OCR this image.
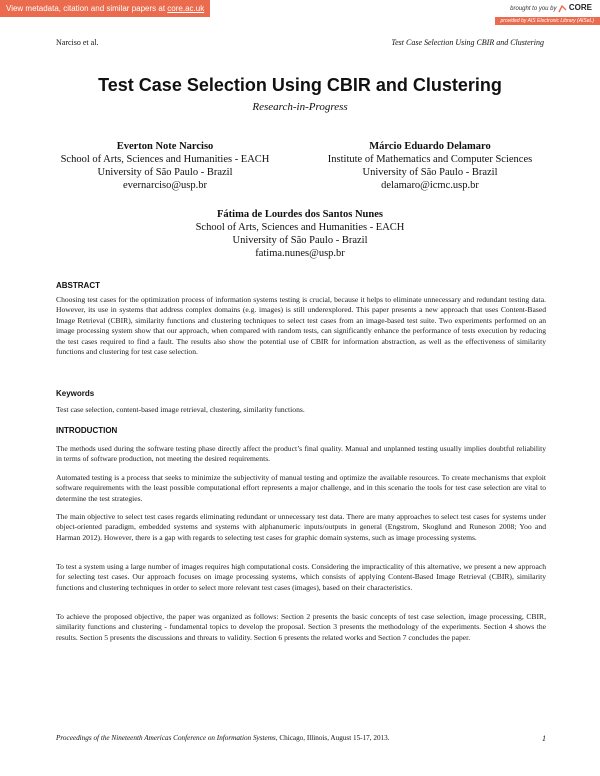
View metadata, citation and similar papers at core.ac.uk	brought to you by CORE
provided by AIS Electronic Library (AISeL)
Narciso et al.	Test Case Selection Using CBIR and Clustering
Test Case Selection Using CBIR and Clustering
Research-in-Progress
Everton Note Narciso
School of Arts, Sciences and Humanities - EACH
University of São Paulo - Brazil
evernarciso@usp.br
Márcio Eduardo Delamaro
Institute of Mathematics and Computer Sciences
University of São Paulo - Brazil
delamaro@icmc.usp.br
Fátima de Lourdes dos Santos Nunes
School of Arts, Sciences and Humanities - EACH
University of São Paulo - Brazil
fatima.nunes@usp.br
ABSTRACT
Choosing test cases for the optimization process of information systems testing is crucial, because it helps to eliminate unnecessary and redundant testing data. However, its use in systems that address complex domains (e.g. images) is still underexplored. This paper presents a new approach that uses Content-Based Image Retrieval (CBIR), similarity functions and clustering techniques to select test cases from an image-based test suite. Two experiments performed on an image processing system show that our approach, when compared with random tests, can significantly enhance the performance of tests execution by reducing the test cases required to find a fault. The results also show the potential use of CBIR for information abstraction, as well as the effectiveness of similarity functions and clustering for test case selection.
Keywords
Test case selection, content-based image retrieval, clustering, similarity functions.
INTRODUCTION
The methods used during the software testing phase directly affect the product’s final quality. Manual and unplanned testing usually implies doubtful reliability in terms of software production, not meeting the desired requirements.
Automated testing is a process that seeks to minimize the subjectivity of manual testing and optimize the available resources. To create mechanisms that exploit software requirements with the least possible computational effort represents a major challenge, and in this scenario the tools for test case selection are vital to determine the test strategies.
The main objective to select test cases regards eliminating redundant or unnecessary test data. There are many approaches to select test cases for systems under object-oriented paradigm, embedded systems and systems with alphanumeric inputs/outputs in general (Engstrom, Skoglund and Runeson 2008; Yoo and Harman 2012). However, there is a gap with regards to selecting test cases for graphic domain systems, such as image processing systems.
To test a system using a large number of images requires high computational costs. Considering the impracticality of this alternative, we present a new approach for selecting test cases. Our approach focuses on image processing systems, which consists of applying Content-Based Image Retrieval (CBIR), similarity functions and clustering techniques in order to select more relevant test cases (images), based on their characteristics.
To achieve the proposed objective, the paper was organized as follows: Section 2 presents the basic concepts of test case selection, image processing, CBIR, similarity functions and clustering - fundamental topics to develop the proposal. Section 3 presents the methodology of the experiments. Section 4 shows the results. Section 5 presents the discussions and threats to validity. Section 6 presents the related works and Section 7 concludes the paper.
Proceedings of the Nineteenth Americas Conference on Information Systems, Chicago, Illinois, August 15-17, 2013.	1
